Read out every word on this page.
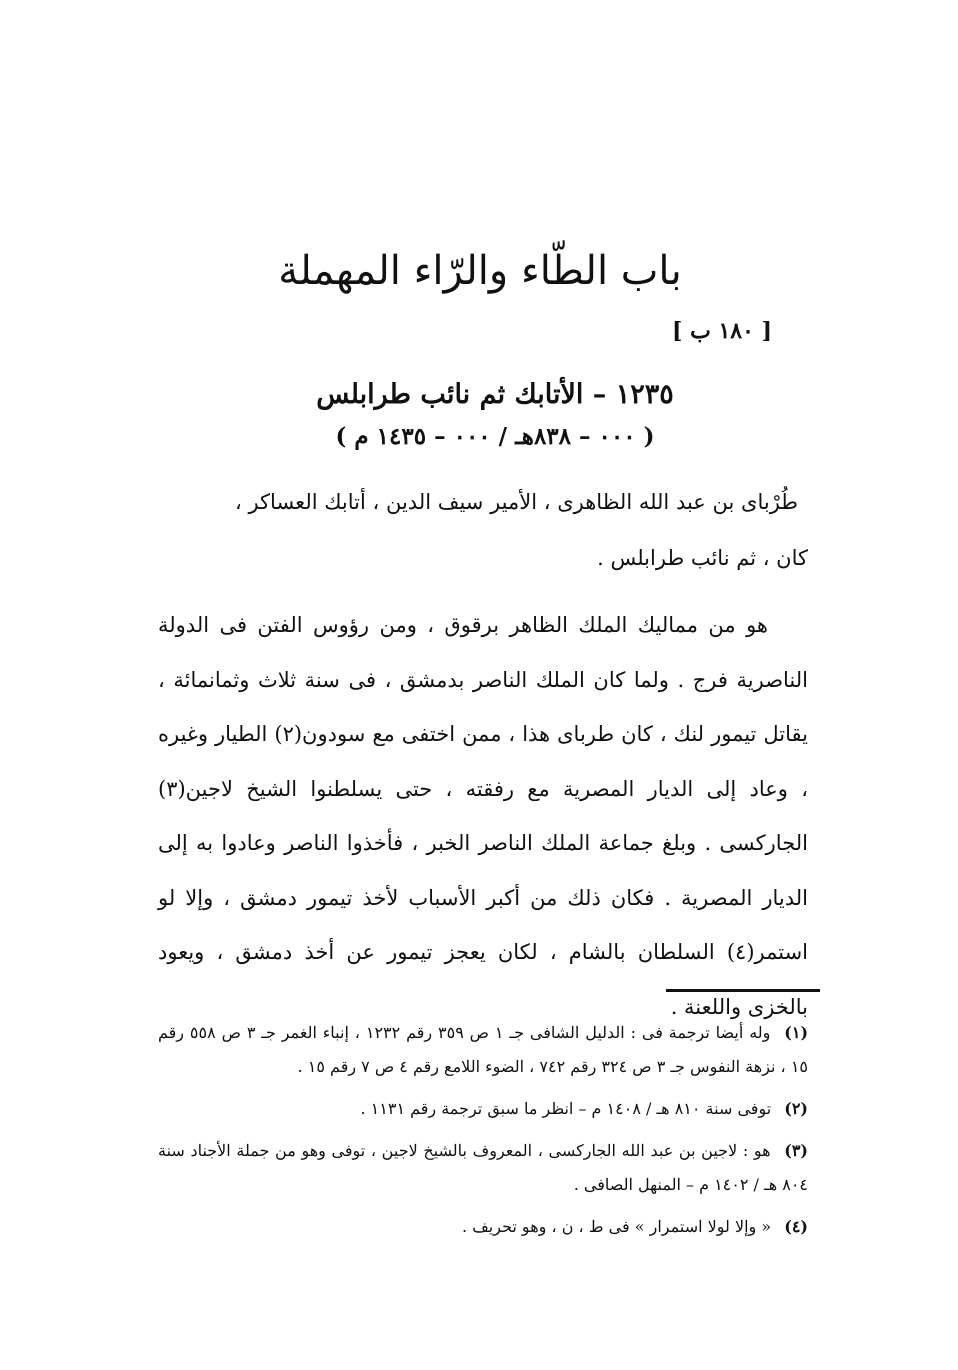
باب الطّاء والرّاء المهملة
[ ١٨٠ ب ]
١٢٣٥ – الأتابك ثم نائب طرابلس
( ٠٠٠ – ٨٣٨هـ / ٠٠٠ – ١٤٣٥ م )

طُرْباى بن عبد الله الظاهرى ، الأمير سيف الدين ، أتابك العساكر ،

كان ، ثم نائب طرابلس .

هو من مماليك الملك الظاهر برقوق ، ومن رؤوس الفتن فى الدولة الناصرية فرج . ولما كان الملك الناصر بدمشق ، فى سنة ثلاث وثمانمائة ، يقاتل تيمور لنك ، كان طرباى هذا ، ممن اختفى مع سودون(٢) الطيار وغيره ، وعاد إلى الديار المصرية مع رفقته ، حتى يسلطنوا الشيخ لاجين(٣) الجاركسى . وبلغ جماعة الملك الناصر الخبر ، فأخذوا الناصر وعادوا به إلى الديار المصرية . فكان ذلك من أكبر الأسباب لأخذ تيمور دمشق ، وإلا لو استمر(٤) السلطان بالشام ، لكان يعجز تيمور عن أخذ دمشق ، ويعود بالخزى واللعنة .

(١) وله أيضا ترجمة فى : الدليل الشافى جـ ١ ص ٣٥٩ رقم ١٢٣٢ ، إنباء الغمر جـ ٣ ص ٥٥٨ رقم ١٥ ، نزهة النفوس جـ ٣ ص ٣٢٤ رقم ٧٤٢ ، الضوء اللامع رقم ٤ ص ٧ رقم ١٥ .

(٢) توفى سنة ٨١٠ هـ / ١٤٠٨ م – انظر ما سبق ترجمة رقم ١١٣١ .

(٣) هو : لاجين بن عبد الله الجاركسى ، المعروف بالشيخ لاجين ، توفى وهو من جملة الأجناد سنة ٨٠٤ هـ / ١٤٠٢ م – المنهل الصافى .

(٤) « وإلا لولا استمرار » فى ط ، ن ، وهو تحريف .
